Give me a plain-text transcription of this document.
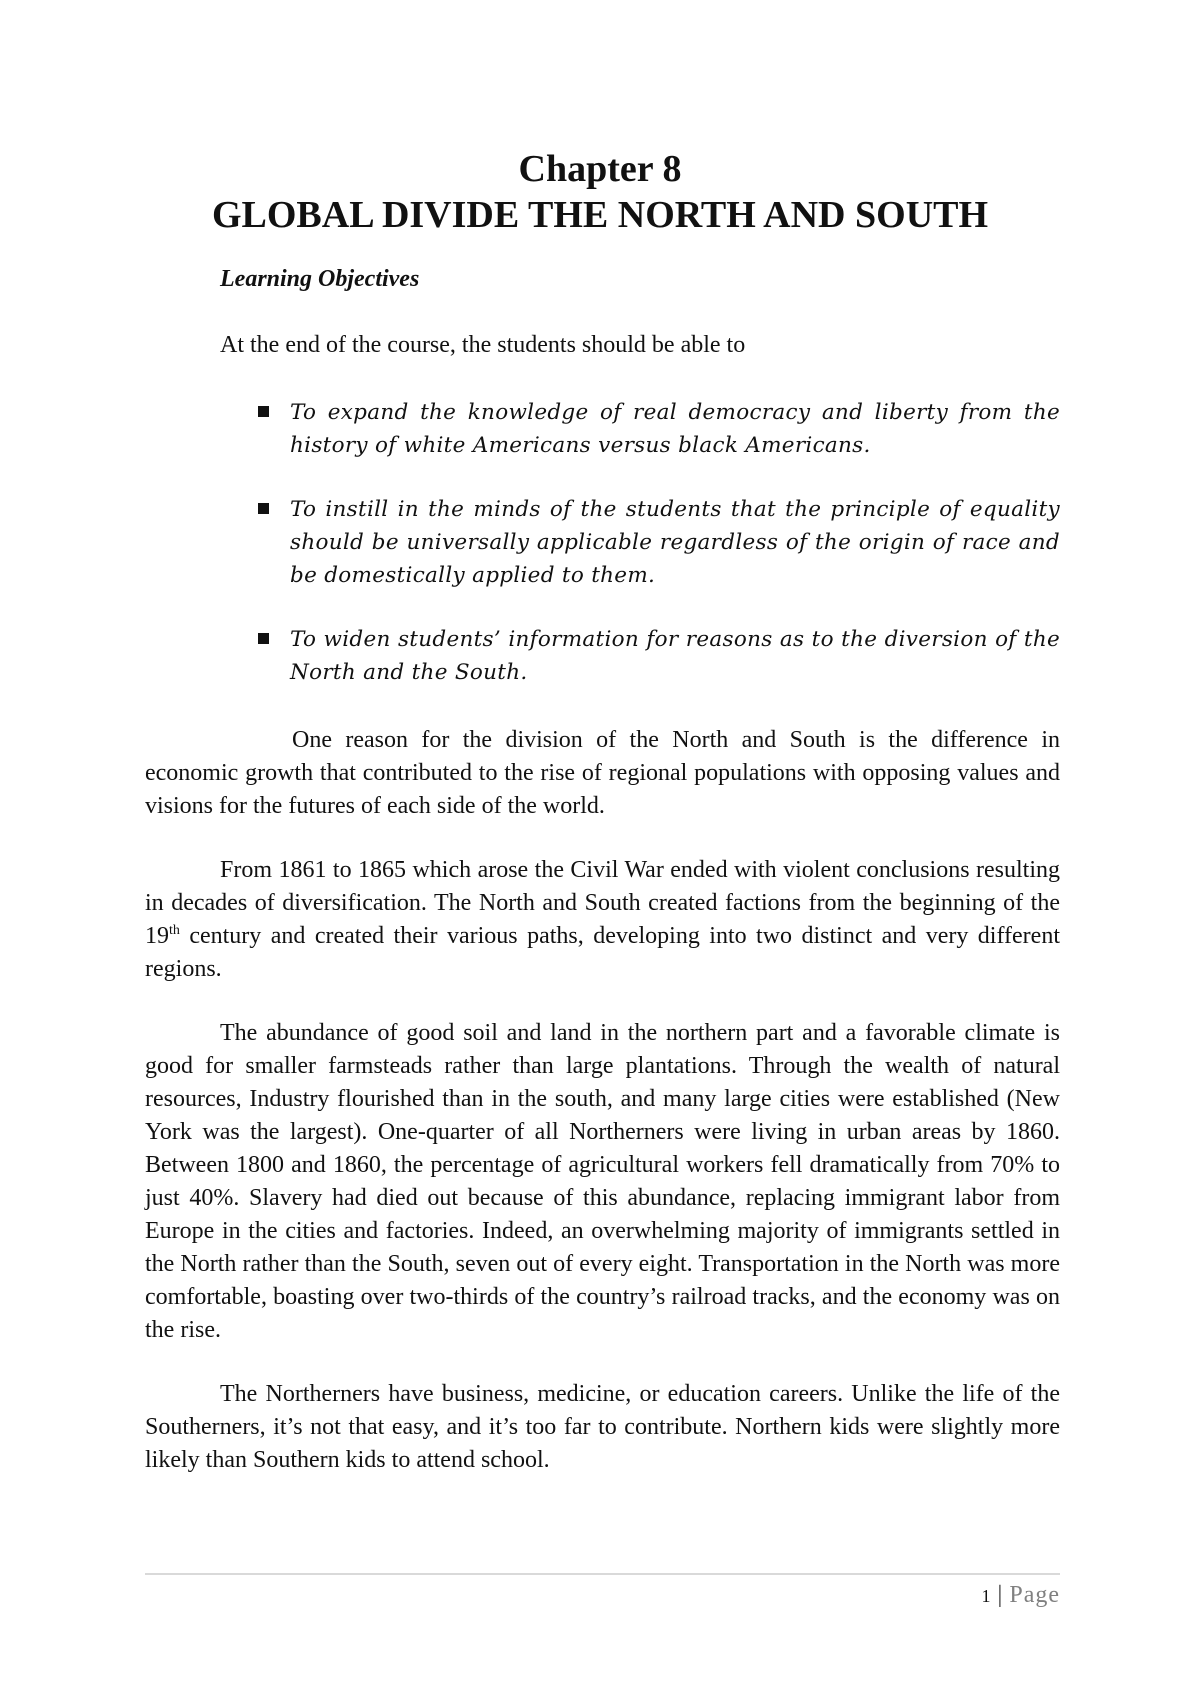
Chapter 8
GLOBAL DIVIDE THE NORTH AND SOUTH

Learning Objectives

At the end of the course, the students should be able to

To expand the knowledge of real democracy and liberty from the history of white Americans versus black Americans.
To instill in the minds of the students that the principle of equality should be universally applicable regardless of the origin of race and be domestically applied to them.
To widen students’ information for reasons as to the diversion of the North and the South.

One reason for the division of the North and South is the difference in economic growth that contributed to the rise of regional populations with opposing values and visions for the futures of each side of the world.

From 1861 to 1865 which arose the Civil War ended with violent conclusions resulting in decades of diversification. The North and South created factions from the beginning of the 19th century and created their various paths, developing into two distinct and very different regions.

The abundance of good soil and land in the northern part and a favorable climate is good for smaller farmsteads rather than large plantations. Through the wealth of natural resources, Industry flourished than in the south, and many large cities were established (New York was the largest). One-quarter of all Northerners were living in urban areas by 1860. Between 1800 and 1860, the percentage of agricultural workers fell dramatically from 70% to just 40%. Slavery had died out because of this abundance, replacing immigrant labor from Europe in the cities and factories. Indeed, an overwhelming majority of immigrants settled in the North rather than the South, seven out of every eight. Transportation in the North was more comfortable, boasting over two-thirds of the country’s railroad tracks, and the economy was on the rise.

The Northerners have business, medicine, or education careers. Unlike the life of the Southerners, it’s not that easy, and it’s too far to contribute. Northern kids were slightly more likely than Southern kids to attend school.

1 | Page
